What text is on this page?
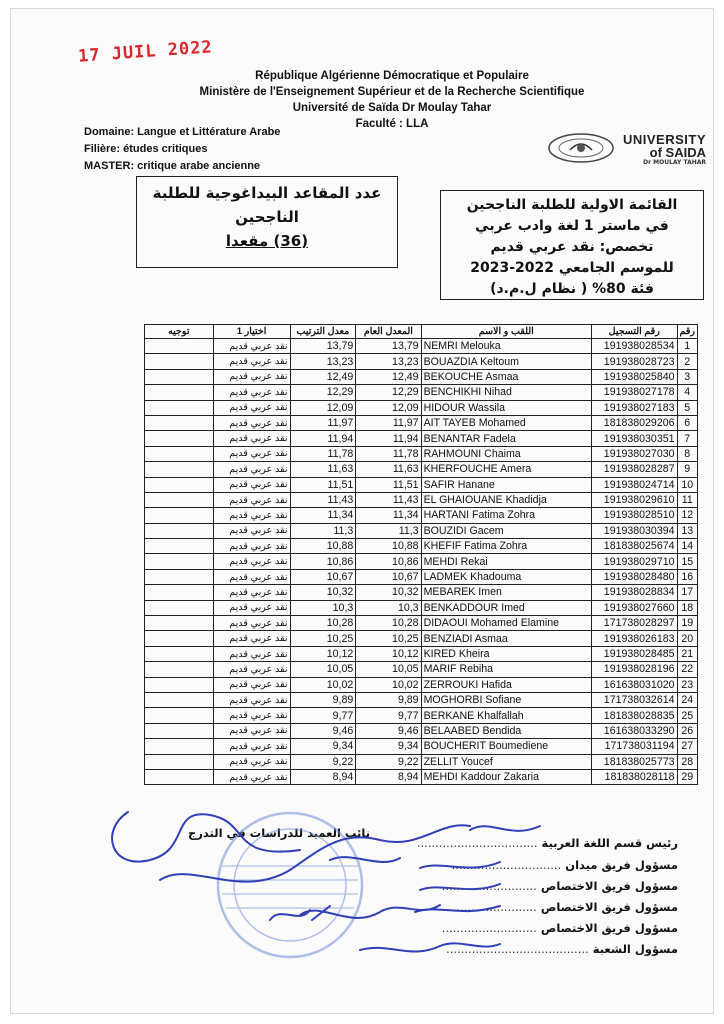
17 JUIL 2022
République Algérienne Démocratique et Populaire
Ministère de l'Enseignement Supérieur et de la Recherche Scientifique
Université de Saïda Dr Moulay Tahar
Faculté : LLA
Domaine: Langue et Littérature Arabe
Filière: études critiques
MASTER: critique arabe ancienne
UNIVERSITY
of SAIDA
Dr MOULAY TAHAR
عدد المقاعد البيداغوجية للطلبة
الناجحين
(36) مقعدا
القائمة الاولية للطلبة الناجحين
في ماستر 1 لغة وادب عربي
تخصص: نقد عربي قديم
للموسم الجامعي 2022-2023
فئة 80% ( نظام ل.م.د)
توجيه	اختيار 1	معدل الترتيب	المعدل العام	اللقب و الاسم	رقم التسجيل	رقم
	نقد عربي قديم	13,79	13,79	NEMRI Melouka	191938028534	1
	نقد عربي قديم	13,23	13,23	BOUAZDIA Keltoum	191938028723	2
	نقد عربي قديم	12,49	12,49	BEKOUCHE Asmaa	191938025840	3
	نقد عربي قديم	12,29	12,29	BENCHIKHI Nihad	191938027178	4
	نقد عربي قديم	12,09	12,09	HIDOUR Wassila	191938027183	5
	نقد عربي قديم	11,97	11,97	AIT TAYEB Mohamed	181838029206	6
	نقد عربي قديم	11,94	11,94	BENANTAR Fadela	191938030351	7
	نقد عربي قديم	11,78	11,78	RAHMOUNI Chaima	191938027030	8
	نقد عربي قديم	11,63	11,63	KHERFOUCHE Amera	191938028287	9
	نقد عربي قديم	11,51	11,51	SAFIR Hanane	191938024714	10
	نقد عربي قديم	11,43	11,43	EL GHAIOUANE Khadidja	191938029610	11
	نقد عربي قديم	11,34	11,34	HARTANI Fatima Zohra	191938028510	12
	نقد عربي قديم	11,3	11,3	BOUZIDI Gacem	191938030394	13
	نقد عربي قديم	10,88	10,88	KHEFIF Fatima Zohra	181838025674	14
	نقد عربي قديم	10,86	10,86	MEHDI Rekai	191938029710	15
	نقد عربي قديم	10,67	10,67	LADMEK Khadouma	191938028480	16
	نقد عربي قديم	10,32	10,32	MEBAREK Imen	191938028834	17
	نقد عربي قديم	10,3	10,3	BENKADDOUR Imed	191938027660	18
	نقد عربي قديم	10,28	10,28	DIDAOUI Mohamed Elamine	171738028297	19
	نقد عربي قديم	10,25	10,25	BENZIADI Asmaa	191938026183	20
	نقد عربي قديم	10,12	10,12	KIRED Kheira	191938028485	21
	نقد عربي قديم	10,05	10,05	MARIF Rebiha	191938028196	22
	نقد عربي قديم	10,02	10,02	ZERROUKI Hafida	161638031020	23
	نقد عربي قديم	9,89	9,89	MOGHORBI Sofiane	171738032614	24
	نقد عربي قديم	9,77	9,77	BERKANE Khalfallah	181838028835	25
	نقد عربي قديم	9,46	9,46	BELAABED Bendida	161638033290	26
	نقد عربي قديم	9,34	9,34	BOUCHERIT Boumediene	171738031194	27
	نقد عربي قديم	9,22	9,22	ZELLIT Youcef	181838025773	28
	نقد عربي قديم	8,94	8,94	MEHDI Kaddour Zakaria	181838028118	29
نائب العميد للدراسات في التدرج
رئيس قسم اللغة العربية .................................
مسؤول فريق ميدان ..............................
مسؤول فريق الاختصاص ..........................
مسؤول فريق الاختصاص ..........................
مسؤول فريق الاختصاص ..........................
مسؤول الشعبة .......................................
